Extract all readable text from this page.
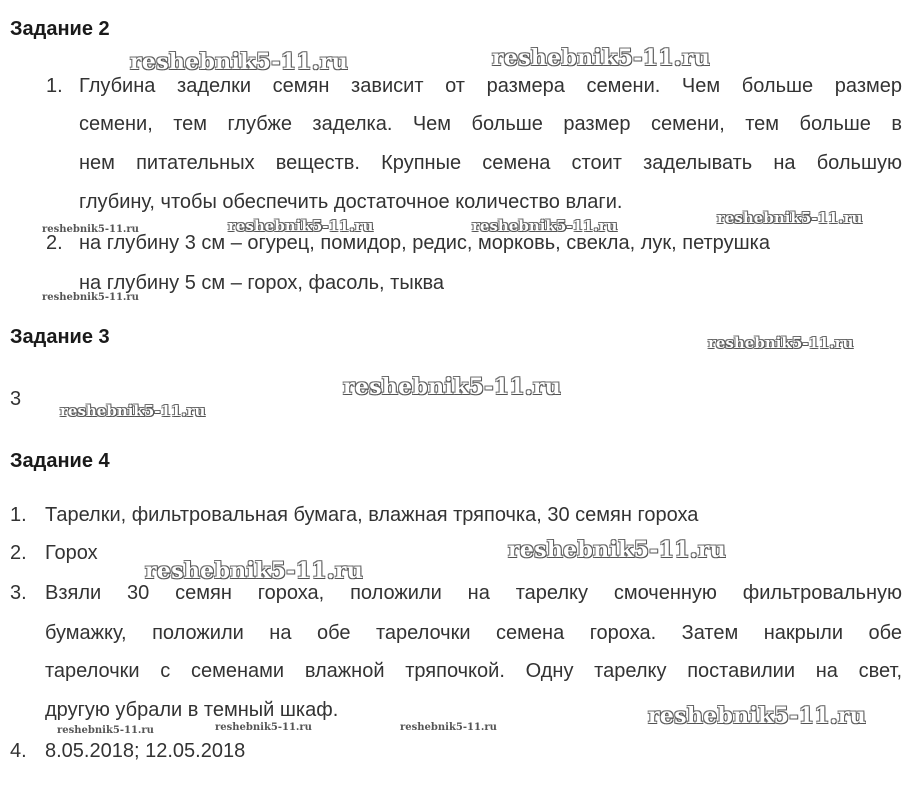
Задание 2
1. Глубина заделки семян зависит от размера семени. Чем больше размер
семени, тем глубже заделка. Чем больше размер семени, тем больше в
нем питательных веществ. Крупные семена стоит заделывать на большую
глубину, чтобы обеспечить достаточное количество влаги.
2. на глубину 3 см – огурец, помидор, редис, морковь, свекла, лук, петрушка
на глубину 5 см – горох, фасоль, тыква
Задание 3
3
Задание 4
1. Тарелки, фильтровальная бумага, влажная тряпочка, 30 семян гороха
2. Горох
3. Взяли 30 семян гороха, положили на тарелку смоченную фильтровальную
бумажку, положили на обе тарелочки семена гороха. Затем накрыли обе
тарелочки с семенами влажной тряпочкой. Одну тарелку поставилии на свет,
другую убрали в темный шкаф.
4. 8.05.2018; 12.05.2018
reshebnik5-11.ru	reshebnik5-11.ru
reshebnik5-11.ru	reshebnik5-11.ru	reshebnik5-11.ru	reshebnik5-11.ru
reshebnik5-11.ru
reshebnik5-11.ru
reshebnik5-11.ru
reshebnik5-11.ru
reshebnik5-11.ru
reshebnik5-11.ru
reshebnik5-11.ru
reshebnik5-11.ru	reshebnik5-11.ru	reshebnik5-11.ru
